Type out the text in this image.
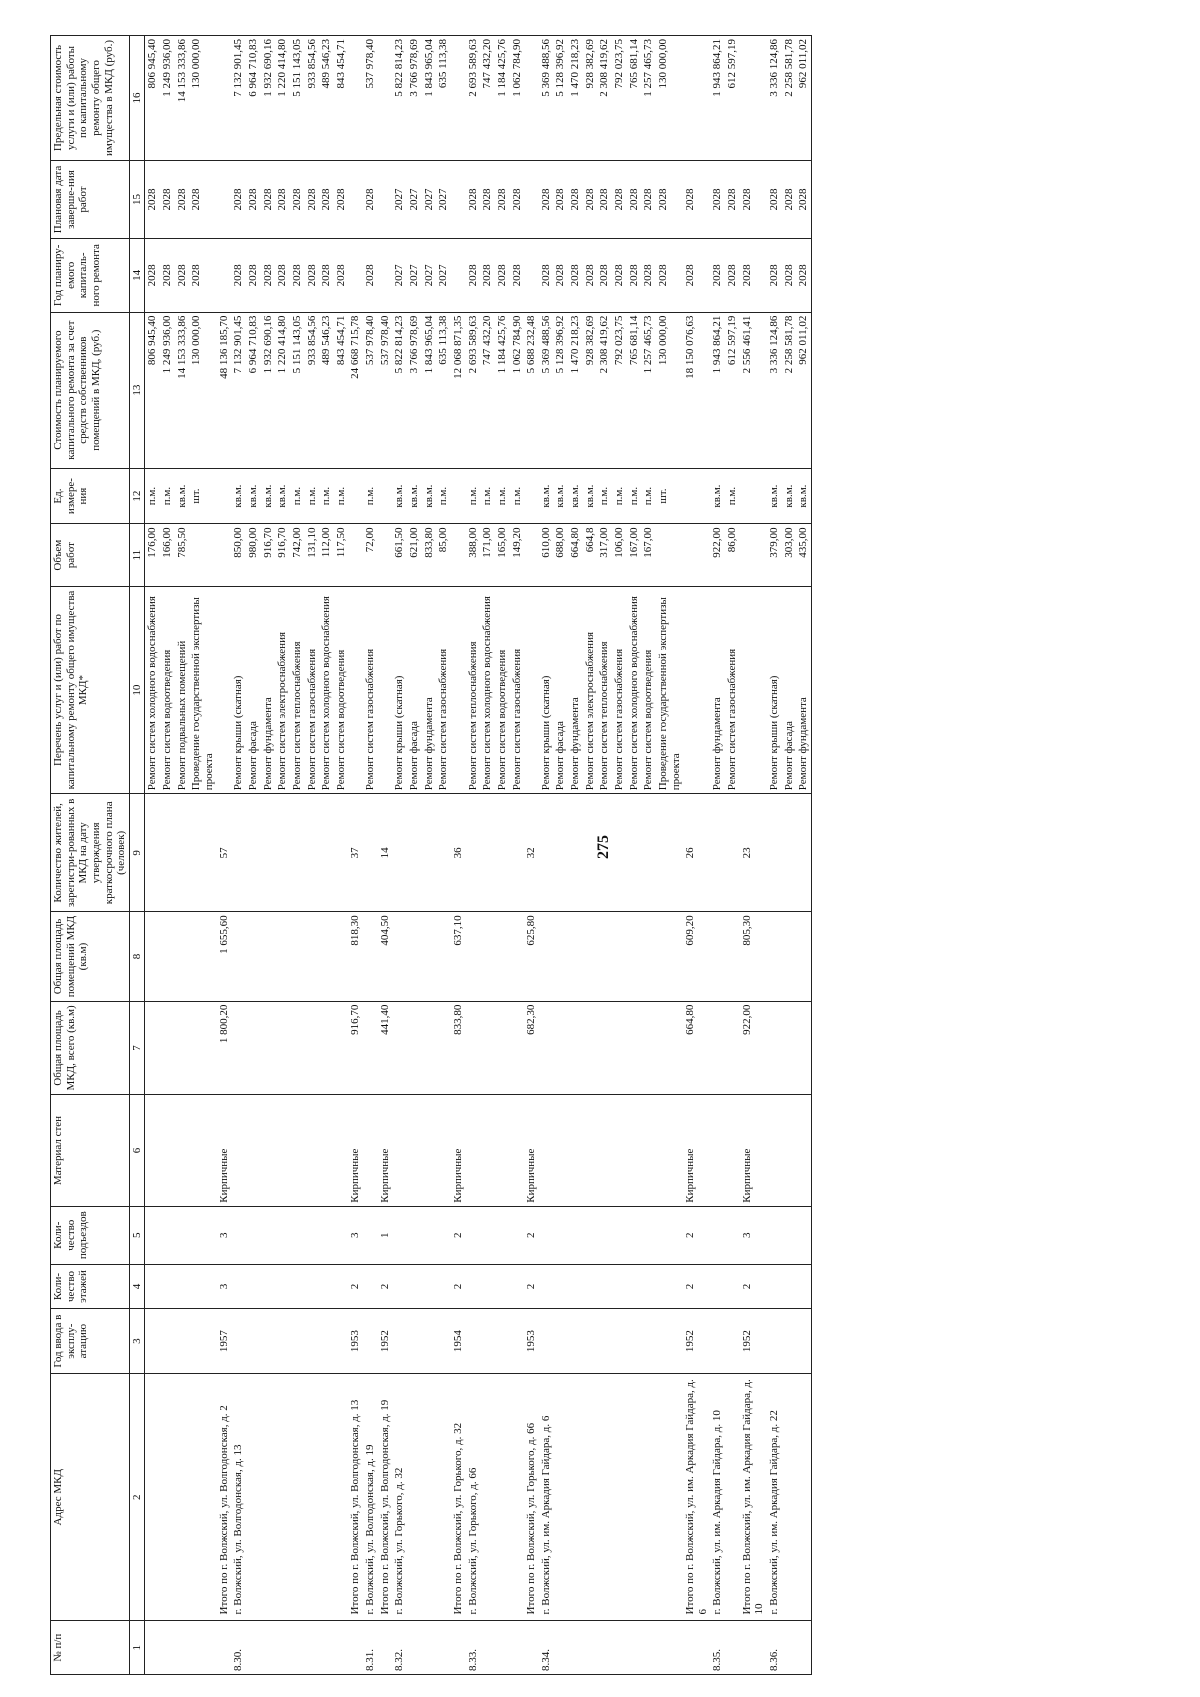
275
№ п/п	Адрес МКД	Год ввода в эксплу-атацию	Коли-чество этажей	Коли-чество подъездов	Материал стен	Общая площадь МКД, всего (кв.м)	Общая площадь помещений МКД (кв.м)	Количество жителей, зарегистри-рованных в МКД на дату утверждения краткосрочного плана (человек)	Перечень услуг и (или) работ по капитальному ремонту общего имущества МКД*	Объем работ	Ед. измере-ния	Стоимость планируемого капитального ремонта за счет средств собственников помещений в МКД, (руб.)	Год планиру-емого капиталь-ного ремонта	Плановая дата заверше-ния работ	Предельная стоимость услуги и (или) работы по капитальному ремонту общего имущества в МКД (руб.)
1	2	3	4	5	6	7	8	9	10	11	12	13	14	15	16
									Ремонт систем холодного водоснабжения	176,00	п.м.	806 945,40	2028	2028	806 945,40
									Ремонт систем водоотведения	166,00	п.м.	1 249 936,00	2028	2028	1 249 936,00
									Ремонт подвальных помещений	785,50	кв.м.	14 153 333,86	2028	2028	14 153 333,86
									Проведение государственной экспертизы проекта		шт.	130 000,00	2028	2028	130 000,00
	Итого по г. Волжский, ул. Волгодонская, д. 2	1957	3	3	Кирпичные	1 800,20	1 655,60	57				48 136 185,70			
8.30.	г. Волжский, ул. Волгодонская, д. 13								Ремонт крыши (скатная)	850,00	кв.м.	7 132 901,45	2028	2028	7 132 901,45
									Ремонт фасада	980,00	кв.м.	6 964 710,83	2028	2028	6 964 710,83
									Ремонт фундамента	916,70	кв.м.	1 932 690,16	2028	2028	1 932 690,16
									Ремонт систем электроснабжения	916,70	кв.м.	1 220 414,80	2028	2028	1 220 414,80
									Ремонт систем теплоснабжения	742,00	п.м.	5 151 143,05	2028	2028	5 151 143,05
									Ремонт систем газоснабжения	131,10	п.м.	933 854,56	2028	2028	933 854,56
									Ремонт систем холодного водоснабжения	112,00	п.м.	489 546,23	2028	2028	489 546,23
									Ремонт систем водоотведения	117,50	п.м.	843 454,71	2028	2028	843 454,71
	Итого по г. Волжский, ул. Волгодонская, д. 13	1953	2	3	Кирпичные	916,70	818,30	37				24 668 715,78			
8.31.	г. Волжский, ул. Волгодонская, д. 19								Ремонт систем газоснабжения	72,00	п.м.	537 978,40	2028	2028	537 978,40
	Итого по г. Волжский, ул. Волгодонская, д. 19	1952	2	1	Кирпичные	441,40	404,50	14				537 978,40			
8.32.	г. Волжский, ул. Горького, д. 32								Ремонт крыши (скатная)	661,50	кв.м.	5 822 814,23	2027	2027	5 822 814,23
									Ремонт фасада	621,00	кв.м.	3 766 978,69	2027	2027	3 766 978,69
									Ремонт фундамента	833,80	кв.м.	1 843 965,04	2027	2027	1 843 965,04
									Ремонт систем газоснабжения	85,00	п.м.	635 113,38	2027	2027	635 113,38
	Итого по г. Волжский, ул. Горького, д. 32	1954	2	2	Кирпичные	833,80	637,10	36				12 068 871,35			
8.33.	г. Волжский, ул. Горького, д. 66								Ремонт систем теплоснабжения	388,00	п.м.	2 693 589,63	2028	2028	2 693 589,63
									Ремонт систем холодного водоснабжения	171,00	п.м.	747 432,20	2028	2028	747 432,20
									Ремонт систем водоотведения	165,00	п.м.	1 184 425,76	2028	2028	1 184 425,76
									Ремонт систем газоснабжения	149,20	п.м.	1 062 784,90	2028	2028	1 062 784,90
	Итого по г. Волжский, ул. Горького, д. 66	1953	2	2	Кирпичные	682,30	625,80	32				5 688 232,48			
8.34.	г. Волжский, ул. им. Аркадия Гайдара, д. 6								Ремонт крыши (скатная)	610,00	кв.м.	5 369 488,56	2028	2028	5 369 488,56
									Ремонт фасада	688,00	кв.м.	5 128 396,92	2028	2028	5 128 396,92
									Ремонт фундамента	664,80	кв.м.	1 470 218,23	2028	2028	1 470 218,23
									Ремонт систем электроснабжения	664,8	кв.м.	928 382,69	2028	2028	928 382,69
									Ремонт систем теплоснабжения	317,00	п.м.	2 308 419,62	2028	2028	2 308 419,62
									Ремонт систем газоснабжения	106,00	п.м.	792 023,75	2028	2028	792 023,75
									Ремонт систем холодного водоснабжения	167,00	п.м.	765 681,14	2028	2028	765 681,14
									Ремонт систем водоотведения	167,00	п.м.	1 257 465,73	2028	2028	1 257 465,73
									Проведение государственной экспертизы проекта		шт.	130 000,00	2028	2028	130 000,00
	Итого по г. Волжский, ул. им. Аркадия Гайдара, д. 6	1952	2	2	Кирпичные	664,80	609,20	26				18 150 076,63	2028	2028	
8.35.	г. Волжский, ул. им. Аркадия Гайдара, д. 10								Ремонт фундамента	922,00	кв.м.	1 943 864,21	2028	2028	1 943 864,21
									Ремонт систем газоснабжения	86,00	п.м.	612 597,19	2028	2028	612 597,19
	Итого по г. Волжский, ул. им. Аркадия Гайдара, д. 10	1952	2	3	Кирпичные	922,00	805,30	23				2 556 461,41	2028	2028	
8.36.	г. Волжский, ул. им. Аркадия Гайдара, д. 22								Ремонт крыши (скатная)	379,00	кв.м.	3 336 124,86	2028	2028	3 336 124,86
									Ремонт фасада	303,00	кв.м.	2 258 581,78	2028	2028	2 258 581,78
									Ремонт фундамента	435,00	кв.м.	962 011,02	2028	2028	962 011,02
